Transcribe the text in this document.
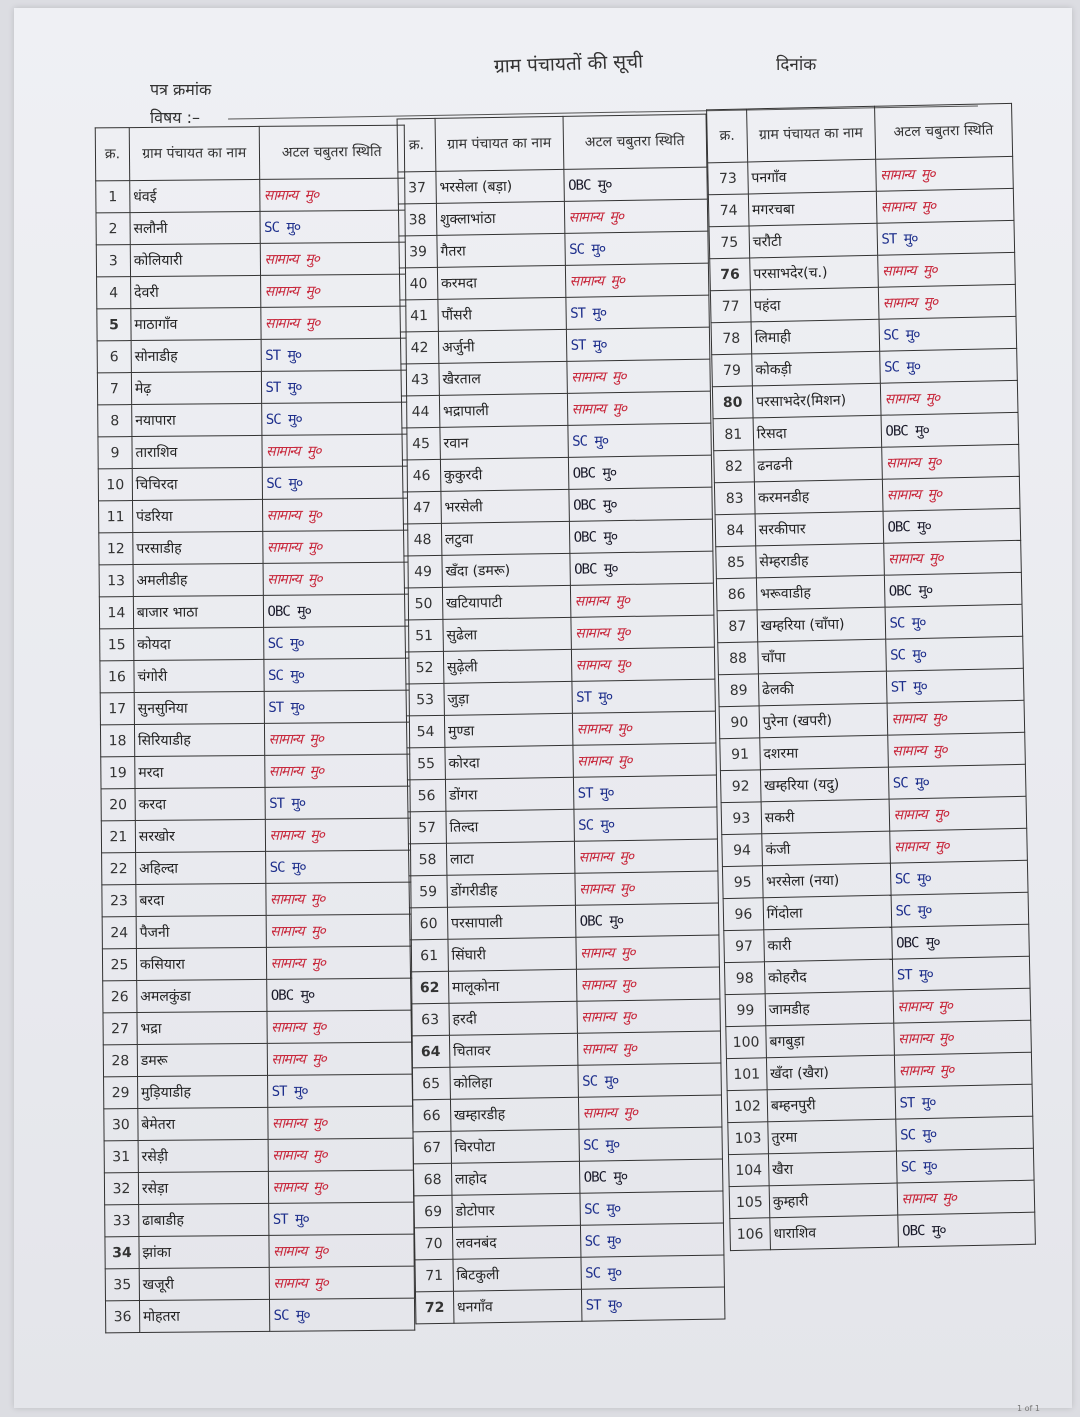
ग्राम पंचायतों की सूची	दिनांक
पत्र क्रमांक
विषय :–
क्र.	ग्राम पंचायत का नाम	अटल चबुतरा स्थिति
1	धंवई	सामान्य मु०
2	सलौनी	SC मु०
3	कोलियारी	सामान्य मु०
4	देवरी	सामान्य मु०
5	माठागाँव	सामान्य मु०
6	सोनाडीह	ST मु०
7	मेढ़	ST मु०
8	नयापारा	SC मु०
9	ताराशिव	सामान्य मु०
10	चिचिरदा	SC मु०
11	पंडरिया	सामान्य मु०
12	परसाडीह	सामान्य मु०
13	अमलीडीह	सामान्य मु०
14	बाजार भाठा	OBC मु०
15	कोयदा	SC मु०
16	चंगोरी	SC मु०
17	सुनसुनिया	ST मु०
18	सिरियाडीह	सामान्य मु०
19	मरदा	सामान्य मु०
20	करदा	ST मु०
21	सरखोर	सामान्य मु०
22	अहिल्दा	SC मु०
23	बरदा	सामान्य मु०
24	पैजनी	सामान्य मु०
25	कसियारा	सामान्य मु०
26	अमलकुंडा	OBC मु०
27	भद्रा	सामान्य मु०
28	डमरू	सामान्य मु०
29	मुड़ियाडीह	ST मु०
30	बेमेतरा	सामान्य मु०
31	रसेड़ी	सामान्य मु०
32	रसेड़ा	सामान्य मु०
33	ढाबाडीह	ST मु०
34	झांका	सामान्य मु०
35	खजूरी	सामान्य मु०
36	मोहतरा	SC मु०
क्र.	ग्राम पंचायत का नाम	अटल चबुतरा स्थिति
37	भरसेला (बड़ा)	OBC मु०
38	शुक्लाभांठा	सामान्य मु०
39	गैतरा	SC मु०
40	करमदा	सामान्य मु०
41	पौंसरी	ST मु०
42	अर्जुनी	ST मु०
43	खैरताल	सामान्य मु०
44	भद्रापाली	सामान्य मु०
45	रवान	SC मु०
46	कुकुरदी	OBC मु०
47	भरसेली	OBC मु०
48	लटुवा	OBC मु०
49	खँदा (डमरू)	OBC मु०
50	खटियापाटी	सामान्य मु०
51	सुढेला	सामान्य मु०
52	सुढ़ेली	सामान्य मु०
53	जुड़ा	ST मु०
54	मुण्डा	सामान्य मु०
55	कोरदा	सामान्य मु०
56	डोंगरा	ST मु०
57	तिल्दा	SC मु०
58	लाटा	सामान्य मु०
59	डोंगरीडीह	सामान्य मु०
60	परसापाली	OBC मु०
61	सिंघारी	सामान्य मु०
62	मालूकोना	सामान्य मु०
63	हरदी	सामान्य मु०
64	चितावर	सामान्य मु०
65	कोलिहा	SC मु०
66	खम्हारडीह	सामान्य मु०
67	चिरपोटा	SC मु०
68	लाहोद	OBC मु०
69	डोटोपार	SC मु०
70	लवनबंद	SC मु०
71	बिटकुली	SC मु०
72	धनगाँव	ST मु०
क्र.	ग्राम पंचायत का नाम	अटल चबुतरा स्थिति
73	पनगाँव	सामान्य मु०
74	मगरचबा	सामान्य मु०
75	चरौटी	ST मु०
76	परसाभदेर(च.)	सामान्य मु०
77	पहंदा	सामान्य मु०
78	लिमाही	SC मु०
79	कोकड़ी	SC मु०
80	परसाभदेर(मिशन)	सामान्य मु०
81	रिसदा	OBC मु०
82	ढनढनी	सामान्य मु०
83	करमनडीह	सामान्य मु०
84	सरकीपार	OBC मु०
85	सेम्हराडीह	सामान्य मु०
86	भरूवाडीह	OBC मु०
87	खम्हरिया (चाँपा)	SC मु०
88	चाँपा	SC मु०
89	ढेलकी	ST मु०
90	पुरेना (खपरी)	सामान्य मु०
91	दशरमा	सामान्य मु०
92	खम्हरिया (यदु)	SC मु०
93	सकरी	सामान्य मु०
94	कंजी	सामान्य मु०
95	भरसेला (नया)	SC मु०
96	गिंदोला	SC मु०
97	कारी	OBC मु०
98	कोहरौद	ST मु०
99	जामडीह	सामान्य मु०
100	बगबुड़ा	सामान्य मु०
101	खँदा (खैरा)	सामान्य मु०
102	बम्हनपुरी	ST मु०
103	तुरमा	SC मु०
104	खैरा	SC मु०
105	कुम्हारी	सामान्य मु०
106	धाराशिव	OBC मु०
1 of 1
